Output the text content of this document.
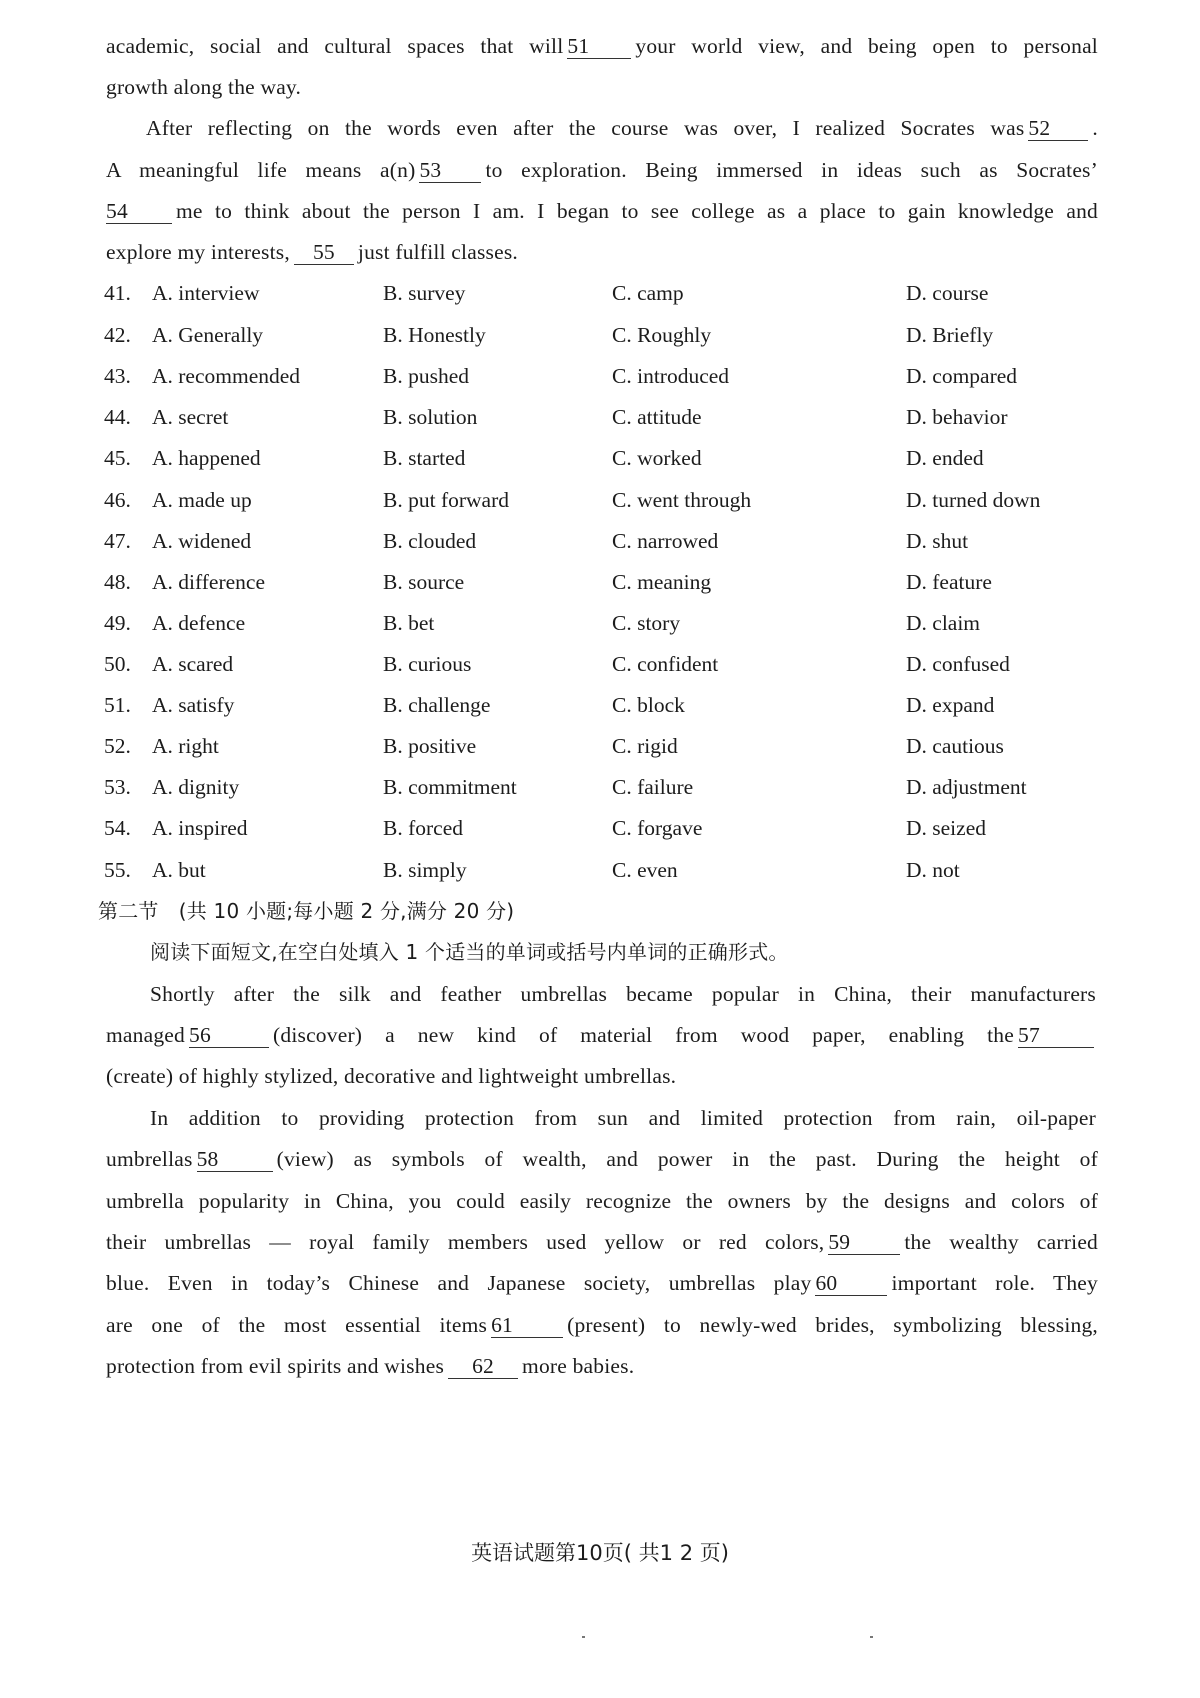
academic, social and cultural spaces that will 51 your world view, and being open to personal
growth along the way.
After reflecting on the words even after the course was over, I realized Socrates was 52 .
A meaningful life means a(n) 53 to exploration. Being immersed in ideas such as Socrates’
54 me to think about the person I am. I began to see college as a place to gain knowledge and
explore my interests, 55 just fulfill classes.
41. A. interview	B. survey	C. camp	D. course
42. A. Generally	B. Honestly	C. Roughly	D. Briefly
43. A. recommended	B. pushed	C. introduced	D. compared
44. A. secret	B. solution	C. attitude	D. behavior
45. A. happened	B. started	C. worked	D. ended
46. A. made up	B. put forward	C. went through	D. turned down
47. A. widened	B. clouded	C. narrowed	D. shut
48. A. difference	B. source	C. meaning	D. feature
49. A. defence	B. bet	C. story	D. claim
50. A. scared	B. curious	C. confident	D. confused
51. A. satisfy	B. challenge	C. block	D. expand
52. A. right	B. positive	C. rigid	D. cautious
53. A. dignity	B. commitment	C. failure	D. adjustment
54. A. inspired	B. forced	C. forgave	D. seized
55. A. but	B. simply	C. even	D. not
第二节　(共 10 小题;每小题 2 分,满分 20 分)
阅读下面短文,在空白处填入 1 个适当的单词或括号内单词的正确形式。
Shortly after the silk and feather umbrellas became popular in China, their manufacturers
managed 56	(discover) a new kind of material from wood paper, enabling the 57
(create) of highly stylized, decorative and lightweight umbrellas.
In addition to providing protection from sun and limited protection from rain, oil-paper
umbrellas 58	(view) as symbols of wealth, and power in the past. During the height of
umbrella popularity in China, you could easily recognize the owners by the designs and colors of
their umbrellas — royal family members used yellow or red colors, 59	the wealthy carried
blue. Even in today’s Chinese and Japanese society, umbrellas play 60	important role. They
are one of the most essential items 61	(present) to newly-wed brides, symbolizing blessing,
protection from evil spirits and wishes 62 more babies.
英语试题第10页( 共1 2 页)
